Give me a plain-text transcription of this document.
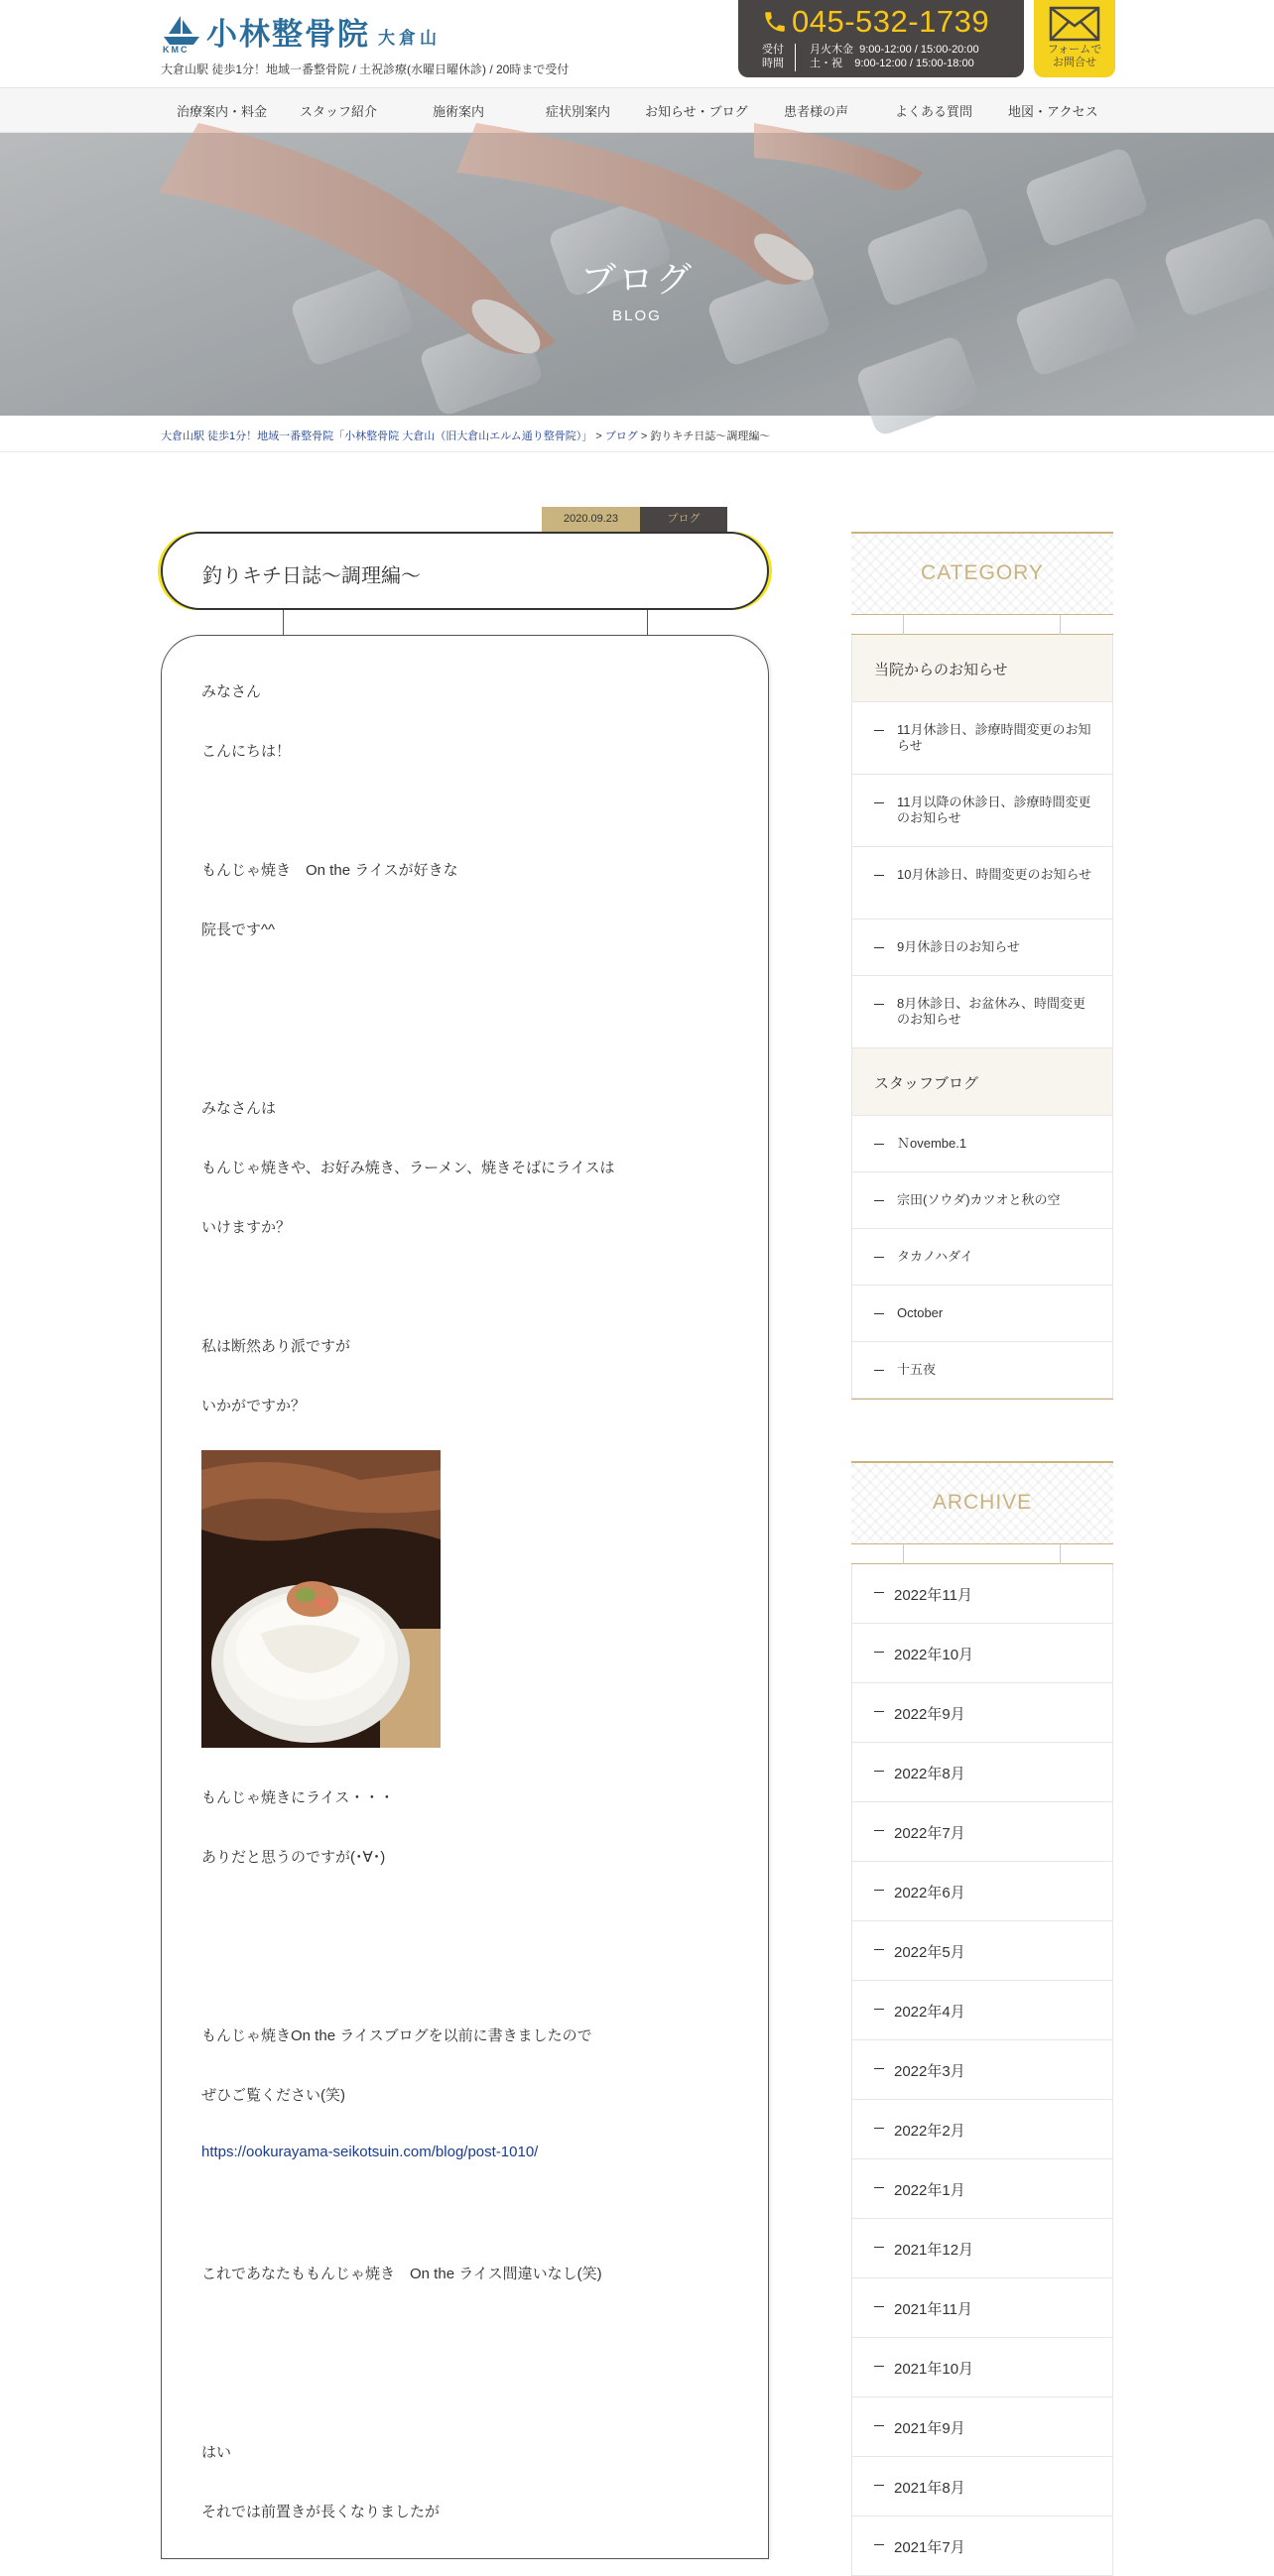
KMC 小林整骨院 大倉山
大倉山駅 徒歩1分！地域一番整骨院 / 土祝診療(水曜日曜休診) / 20時まで受付
045-532-1739
受付
時間
月火木金  9:00-12:00 / 15:00-20:00
土・祝    9:00-12:00 / 15:00-18:00
フォームで
お問合せ
治療案内・料金	スタッフ紹介	施術案内	症状別案内	お知らせ・ブログ	患者様の声	よくある質問	地図・アクセス
ブログ
BLOG
大倉山駅 徒歩1分！地域一番整骨院「小林整骨院 大倉山（旧大倉山エルム通り整骨院）」 > ブログ > 釣りキチ日誌～調理編～
2020.09.23	ブログ
釣りキチ日誌～調理編～
みなさん
こんにちは！
もんじゃ焼き　On the ライスが好きな
院長です^^
みなさんは
もんじゃ焼きや、お好み焼き、ラーメン、焼きそばにライスは
いけますか？
私は断然あり派ですが
いかがですか？
もんじゃ焼きにライス・・・
ありだと思うのですが(･∀･)
もんじゃ焼きOn the ライスブログを以前に書きましたので
ぜひご覧ください(笑)
https://ookurayama-seikotsuin.com/blog/post-1010/
これであなたももんじゃ焼き　On the ライス間違いなし(笑)
はい
それでは前置きが長くなりましたが
CATEGORY
当院からのお知らせ
11月休診日、診療時間変更のお知らせ
11月以降の休診日、診療時間変更のお知らせ
10月休診日、時間変更のお知らせ
9月休診日のお知らせ
8月休診日、お盆休み、時間変更のお知らせ
スタッフブログ
Ｎovembe.1
宗田(ソウダ)カツオと秋の空
タカノハダイ
October
十五夜
ARCHIVE
2022年11月
2022年10月
2022年9月
2022年8月
2022年7月
2022年6月
2022年5月
2022年4月
2022年3月
2022年2月
2022年1月
2021年12月
2021年11月
2021年10月
2021年9月
2021年8月
2021年7月
